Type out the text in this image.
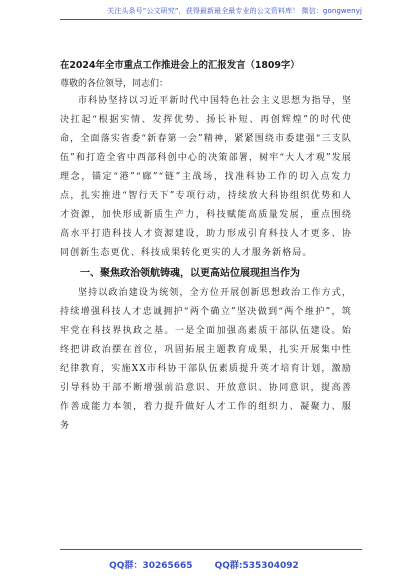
关注头条号“公文研究”，获得最新最全最专业的公文资料库！ 微信：gongwenyj

在2024年全市重点工作推进会上的汇报发言（1809字）

尊敬的各位领导，同志们：

市科协坚持以习近平新时代中国特色社会主义思想为指导，坚决扛起“根据实情、发挥优势、扬长补短、再创辉煌”的时代使命，全面落实省委“新春第一会”精神，紧紧围绕市委建强“三支队伍”和打造全省中西部科创中心的决策部署，树牢“大人才观”发展理念，锚定“港”“廊”“链”主战场，找准科协工作的切入点发力点，扎实推进“智行天下”专项行动，持续放大科协组织优势和人才资源，加快形成新质生产力，科技赋能高质量发展，重点围绕高水平打造科技人才资源建设，助力形成引育科技人才更多、协同创新生态更优、科技成果转化更实的人才服务新格局。

一、聚焦政治领航铸魂，以更高站位展现担当作为

坚持以政治建设为统领，全方位开展创新思想政治工作方式，持续增强科技人才忠诚拥护“两个确立”坚决做到“两个维护”，筑牢党在科技界执政之基。一是全面加强高素质干部队伍建设。始终把讲政治摆在首位，巩固拓展主题教育成果，扎实开展集中性纪律教育，实施XX市科协干部队伍素质提升英才培育计划，激励引导科协干部不断增强前沿意识、开放意识、协同意识，提高善作善成能力本领，着力提升做好人才工作的组织力、凝聚力、服务

QQ群：30265665 QQ群:535304092
